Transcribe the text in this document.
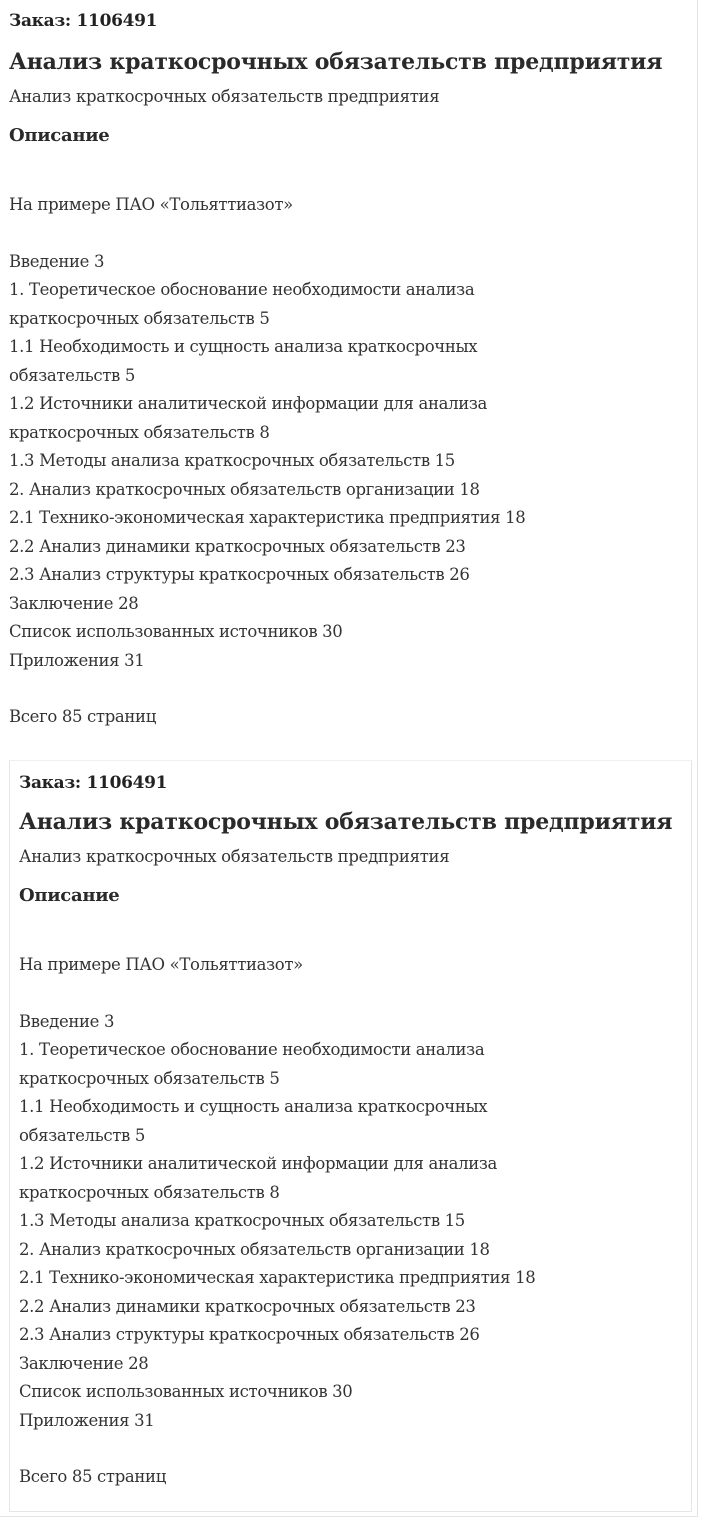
Заказ: 1106491

Анализ краткосрочных обязательств предприятия

Анализ краткосрочных обязательств предприятия

Описание

На примере ПАО «Тольяттиазот»

Введение 3
1. Теоретическое обоснование необходимости анализа
краткосрочных обязательств 5
1.1 Необходимость и сущность анализа краткосрочных
обязательств 5
1.2 Источники аналитической информации для анализа
краткосрочных обязательств 8
1.3 Методы анализа краткосрочных обязательств 15
2. Анализ краткосрочных обязательств организации 18
2.1 Технико-экономическая характеристика предприятия 18
2.2 Анализ динамики краткосрочных обязательств 23
2.3 Анализ структуры краткосрочных обязательств 26
Заключение 28
Список использованных источников 30
Приложения 31

Всего 85 страниц

Заказ: 1106491

Анализ краткосрочных обязательств предприятия

Анализ краткосрочных обязательств предприятия

Описание

На примере ПАО «Тольяттиазот»

Введение 3
1. Теоретическое обоснование необходимости анализа
краткосрочных обязательств 5
1.1 Необходимость и сущность анализа краткосрочных
обязательств 5
1.2 Источники аналитической информации для анализа
краткосрочных обязательств 8
1.3 Методы анализа краткосрочных обязательств 15
2. Анализ краткосрочных обязательств организации 18
2.1 Технико-экономическая характеристика предприятия 18
2.2 Анализ динамики краткосрочных обязательств 23
2.3 Анализ структуры краткосрочных обязательств 26
Заключение 28
Список использованных источников 30
Приложения 31

Всего 85 страниц
